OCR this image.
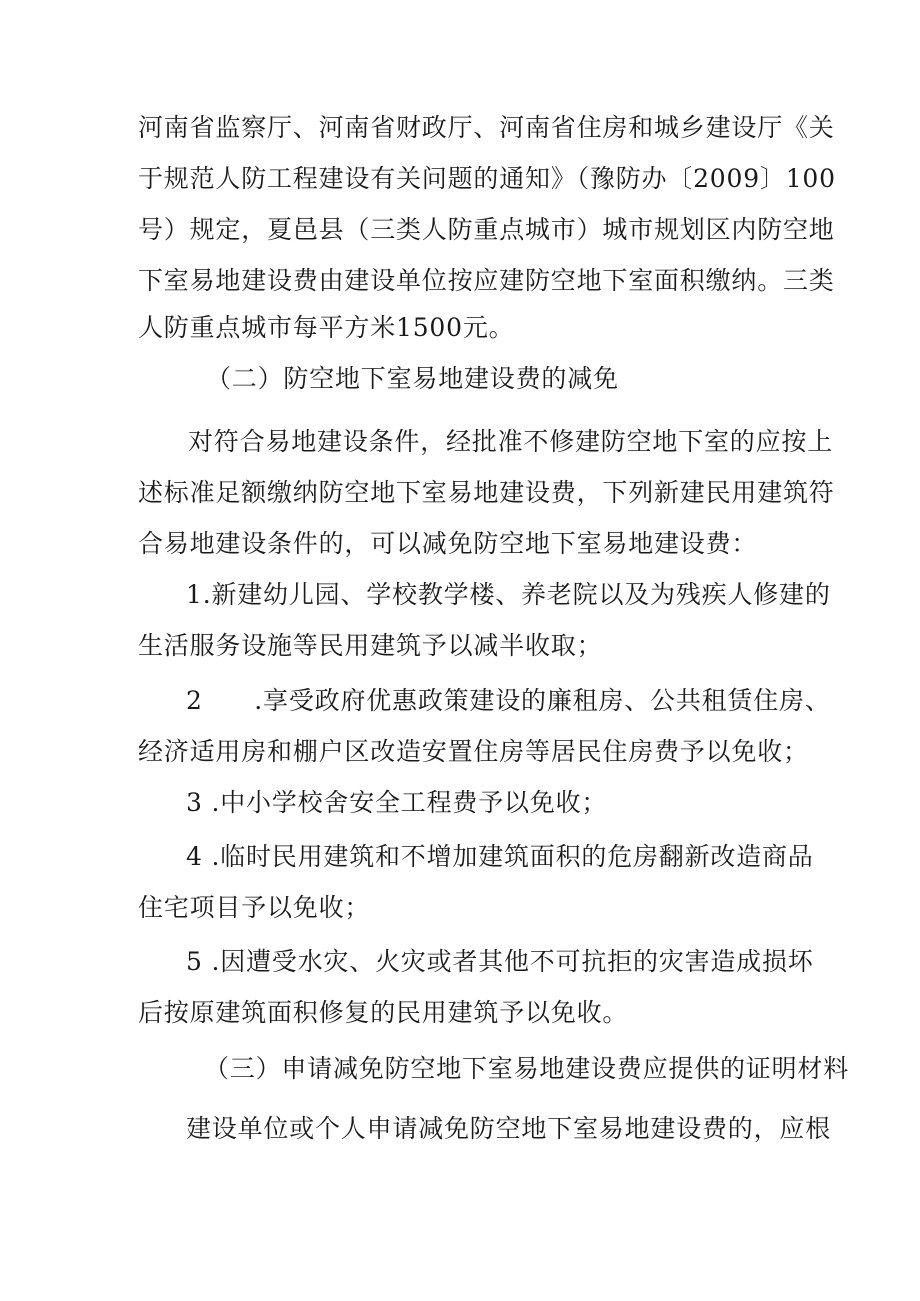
河南省监察厅、河南省财政厅、河南省住房和城乡建设厅《关

于规范人防工程建设有关问题的通知》（豫防办〔2009〕100

号）规定，夏邑县（三类人防重点城市）城市规划区内防空地

下室易地建设费由建设单位按应建防空地下室面积缴纳。三类

人防重点城市每平方米1500元。

（二）防空地下室易地建设费的减免

对符合易地建设条件，经批准不修建防空地下室的应按上

述标准足额缴纳防空地下室易地建设费，下列新建民用建筑符

合易地建设条件的，可以减免防空地下室易地建设费：

1.新建幼儿园、学校教学楼、养老院以及为残疾人修建的

生活服务设施等民用建筑予以减半收取；

2　　.享受政府优惠政策建设的廉租房、公共租赁住房、

经济适用房和棚户区改造安置住房等居民住房费予以免收；

3 .中小学校舍安全工程费予以免收；

4 .临时民用建筑和不增加建筑面积的危房翻新改造商品

住宅项目予以免收；

5 .因遭受水灾、火灾或者其他不可抗拒的灾害造成损坏

后按原建筑面积修复的民用建筑予以免收。

（三）申请减免防空地下室易地建设费应提供的证明材料

建设单位或个人申请减免防空地下室易地建设费的，应根
